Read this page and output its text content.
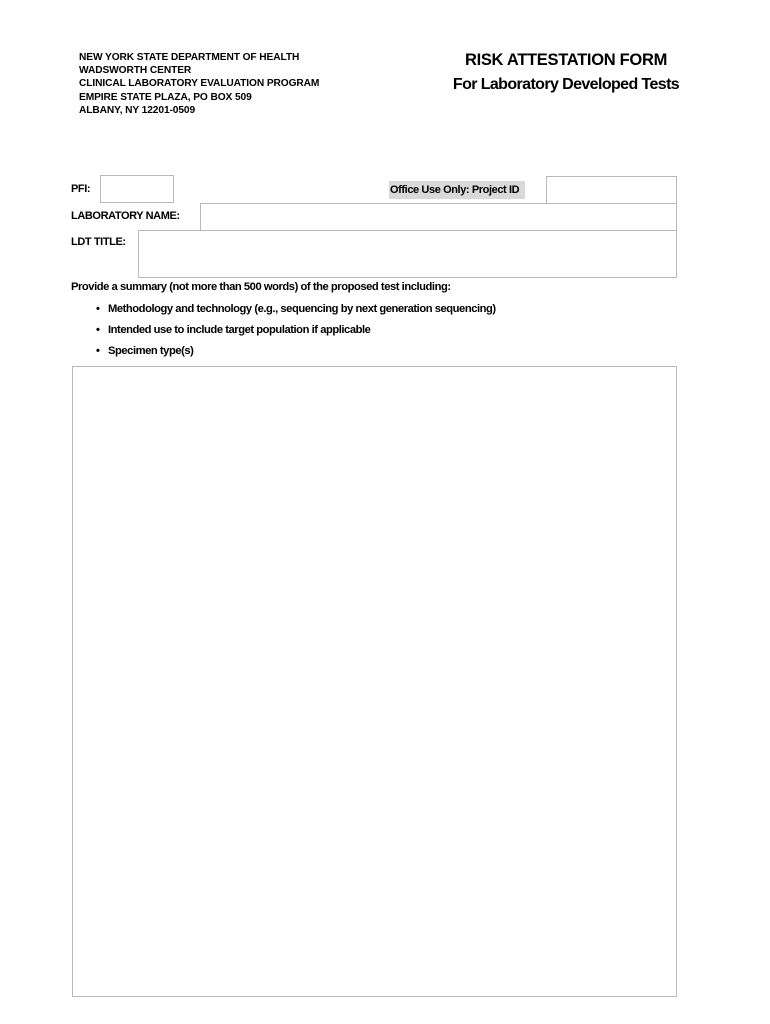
NEW YORK STATE DEPARTMENT OF HEALTH
WADSWORTH CENTER
CLINICAL LABORATORY EVALUATION PROGRAM
EMPIRE STATE PLAZA, PO BOX 509
ALBANY, NY 12201-0509
RISK ATTESTATION FORM
For Laboratory Developed Tests
PFI:	Office Use Only: Project ID
LABORATORY NAME:
LDT TITLE:
Provide a summary (not more than 500 words) of the proposed test including:
• Methodology and technology (e.g., sequencing by next generation sequencing)
• Intended use to include target population if applicable
• Specimen type(s)
